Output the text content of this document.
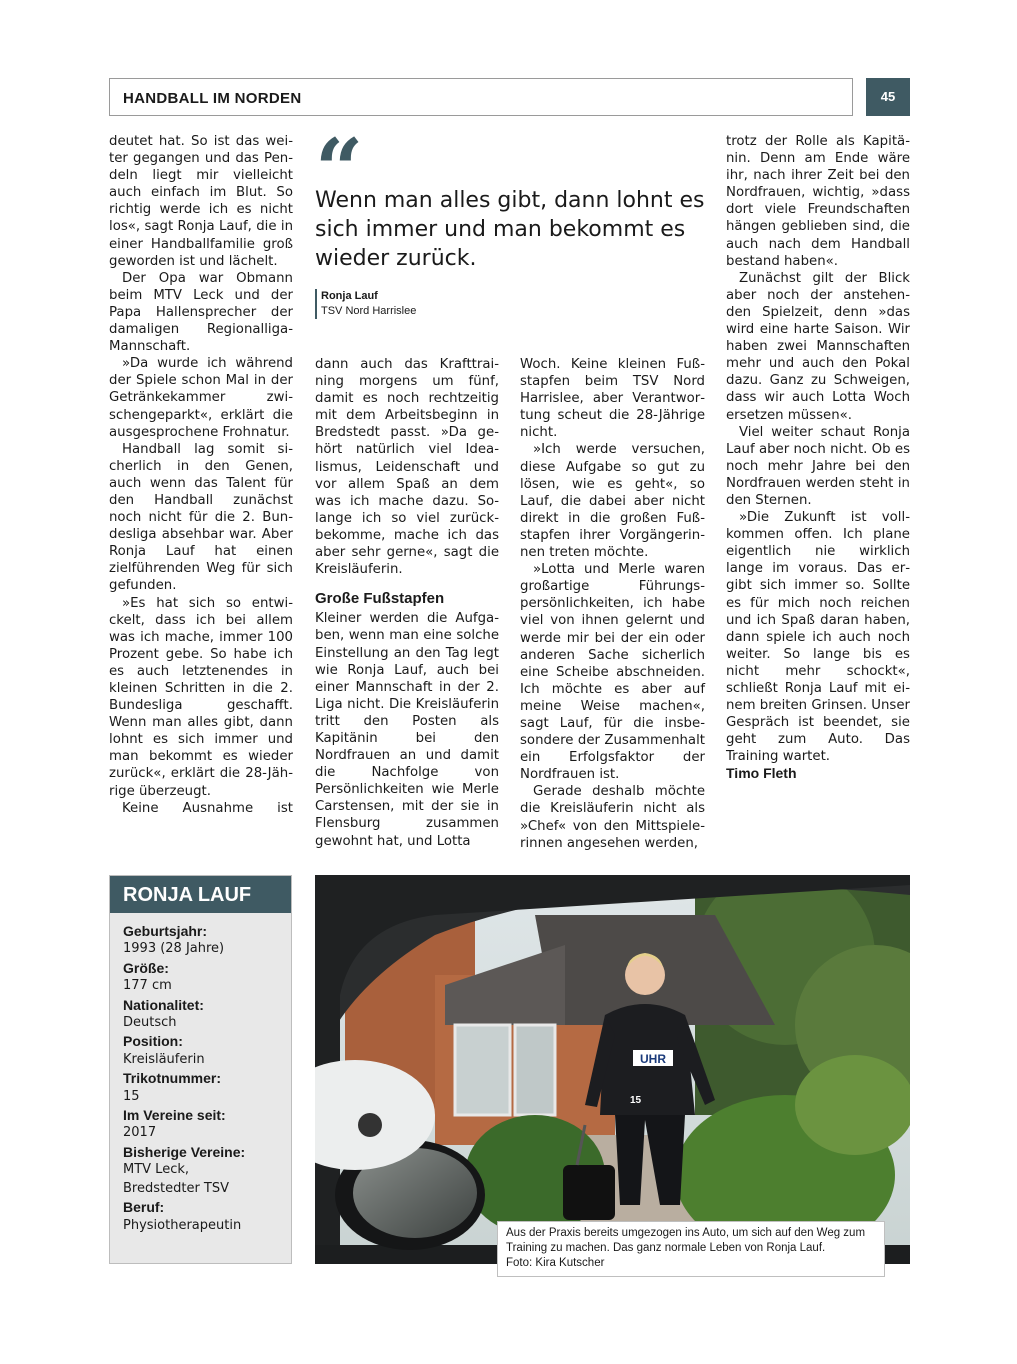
HANDBALL IM NORDEN	45

deutet hat. So ist das weiter gegangen und das Pendeln liegt mir vielleicht auch einfach im Blut. So richtig werde ich es nicht los«, sagt Ronja Lauf, die in einer Handballfamilie groß geworden ist und lächelt.

Der Opa war Obmann beim MTV Leck und der Papa Hallensprecher der damaligen Regionalliga-Mannschaft.

»Da wurde ich während der Spiele schon Mal in der Getränkekammer zwischengeparkt«, erklärt die ausgesprochene Frohnatur.

Handball lag somit sicherlich in den Genen, auch wenn das Talent für den Handball zunächst noch nicht für die 2. Bundesliga absehbar war. Aber Ronja Lauf hat einen zielführenden Weg für sich gefunden.

»Es hat sich so entwickelt, dass ich bei allem was ich mache, immer 100 Prozent gebe. So habe ich es auch letztenendes in kleinen Schritten in die 2. Bundesliga geschafft. Wenn man alles gibt, dann lohnt es sich immer und man bekommt es wieder zurück«, erklärt die 28-Jährige überzeugt.

Keine Ausnahme ist

“
Wenn man alles gibt, dann lohnt es sich immer und man bekommt es wieder zurück.
Ronja Lauf
TSV Nord Harrislee

dann auch das Krafttraining morgens um fünf, damit es noch rechtzeitig mit dem Arbeitsbeginn in Bredstedt passt. »Da gehört natürlich viel Idealismus, Leidenschaft und vor allem Spaß an dem was ich mache dazu. Solange ich so viel zurückbekomme, mache ich das aber sehr gerne«, sagt die Kreisläuferin.

Große Fußstapfen

Kleiner werden die Aufgaben, wenn man eine solche Einstellung an den Tag legt wie Ronja Lauf, auch bei einer Mannschaft in der 2. Liga nicht. Die Kreisläuferin tritt den Posten als Kapitänin bei den Nordfrauen an und damit die Nachfolge von Persönlichkeiten wie Merle Carstensen, mit der sie in Flensburg zusammen gewohnt hat, und Lotta

Woch. Keine kleinen Fußstapfen beim TSV Nord Harrislee, aber Verantwortung scheut die 28-Jährige nicht.

»Ich werde versuchen, diese Aufgabe so gut zu lösen, wie es geht«, so Lauf, die dabei aber nicht direkt in die großen Fußstapfen ihrer Vorgängerinnen treten möchte.

»Lotta und Merle waren großartige Führungspersönlichkeiten, ich habe viel von ihnen gelernt und werde mir bei der ein oder anderen Sache sicherlich eine Scheibe abschneiden. Ich möchte es aber auf meine Weise machen«, sagt Lauf, für die insbesondere der Zusammenhalt ein Erfolgsfaktor der Nordfrauen ist.

Gerade deshalb möchte die Kreisläuferin nicht als »Chef« von den Mittspielerinnen angesehen werden,

trotz der Rolle als Kapitänin. Denn am Ende wäre ihr, nach ihrer Zeit bei den Nordfrauen, wichtig, »dass dort viele Freundschaften hängen geblieben sind, die auch nach dem Handball bestand haben«.

Zunächst gilt der Blick aber noch der anstehenden Spielzeit, denn »das wird eine harte Saison. Wir haben zwei Mannschaften mehr und auch den Pokal dazu. Ganz zu Schweigen, dass wir auch Lotta Woch ersetzen müssen«.

Viel weiter schaut Ronja Lauf aber noch nicht. Ob es noch mehr Jahre bei den Nordfrauen werden steht in den Sternen.

»Die Zukunft ist vollkommen offen. Ich plane eigentlich nie wirklich lange im voraus. Das ergibt sich immer so. Sollte es für mich noch reichen und ich Spaß daran haben, dann spiele ich auch noch weiter. So lange bis es nicht mehr schockt«, schließt Ronja Lauf mit einem breiten Grinsen. Unser Gespräch ist beendet, sie geht zum Auto. Das Training wartet.

Timo Fleth
RONJA LAUF
Geburtsjahr:
1993 (28 Jahre)
Größe:
177 cm
Nationalitet:
Deutsch
Position:
Kreisläuferin
Trikotnummer:
15
Im Vereine seit:
2017
Bisherige Vereine:
MTV Leck,
Bredstedter TSV
Beruf:
Physiotherapeutin
UHR
15
Aus der Praxis bereits umgezogen ins Auto, um sich auf den Weg zum Training zu machen. Das ganz normale Leben von Ronja Lauf.
Foto: Kira Kutscher
